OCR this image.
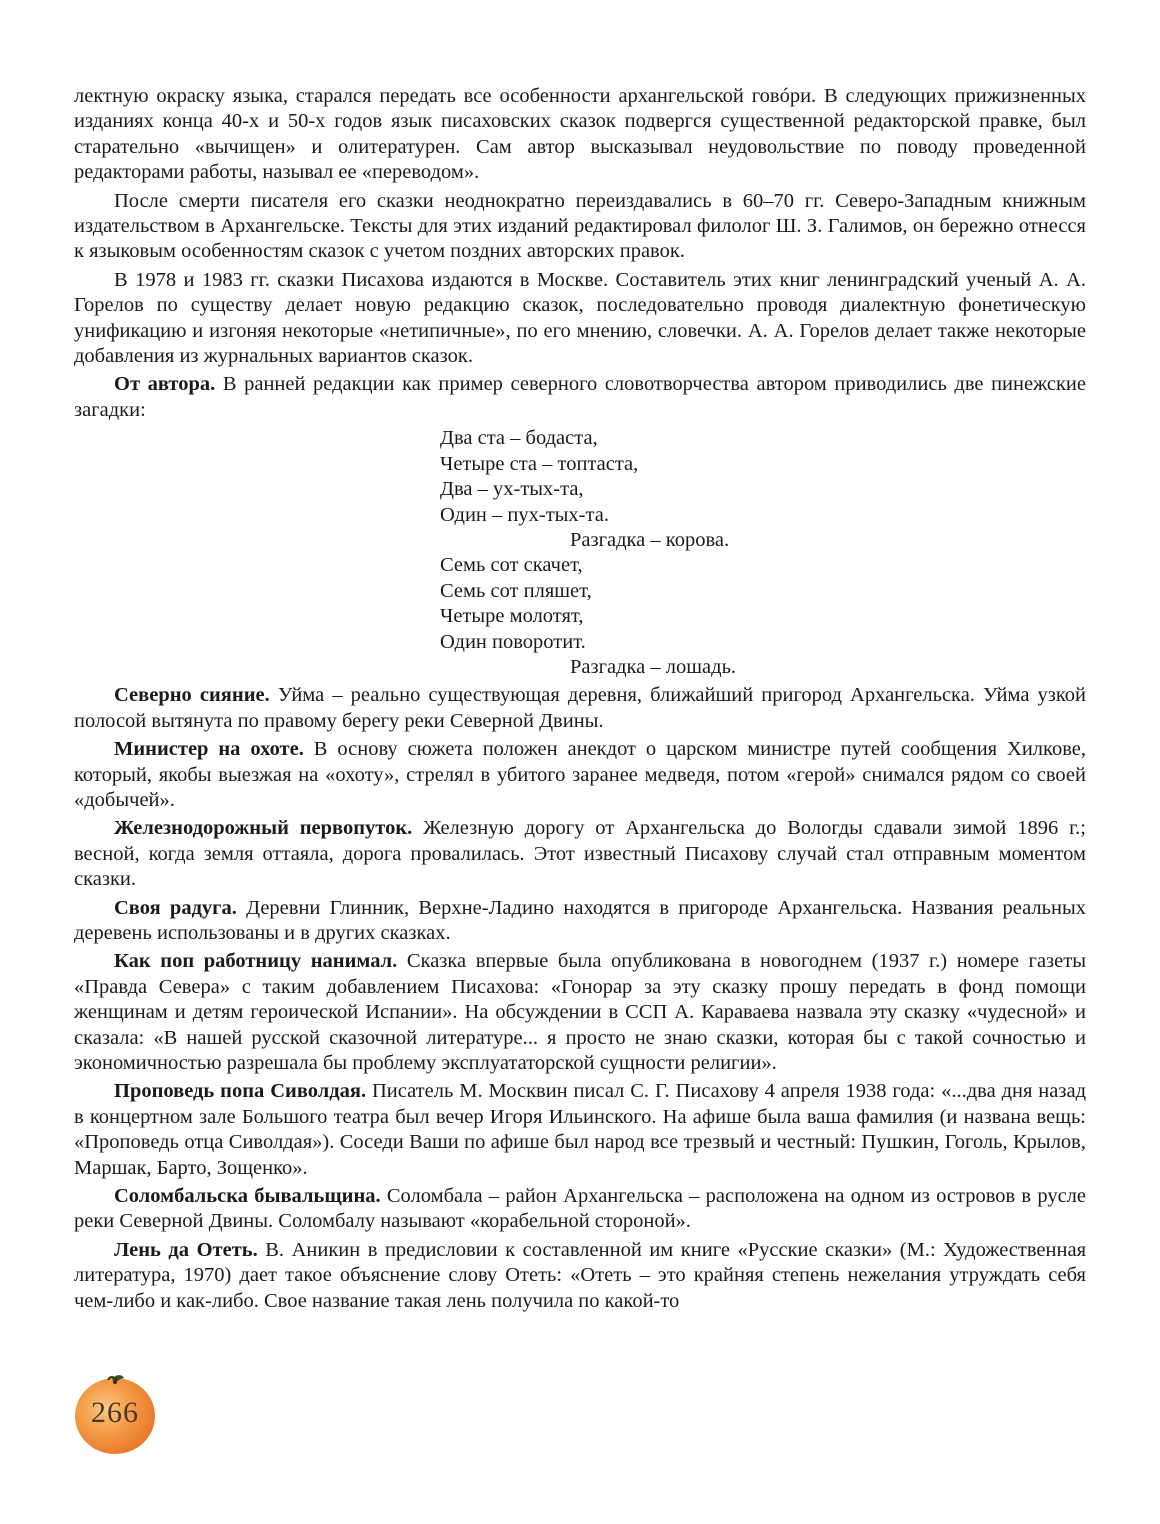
лектную окраску языка, старался передать все особенности архангельской говóри. В следующих прижизненных изданиях конца 40-х и 50-х годов язык писаховских сказок подвергся существенной редакторской правке, был старательно «вычищен» и олитературен. Сам автор высказывал неудовольствие по поводу проведенной редакторами работы, называл ее «переводом».

После смерти писателя его сказки неоднократно переиздавались в 60–70 гг. Северо-Западным книжным издательством в Архангельске. Тексты для этих изданий редактировал филолог Ш. З. Галимов, он бережно отнесся к языковым особенностям сказок с учетом поздних авторских правок.

В 1978 и 1983 гг. сказки Писахова издаются в Москве. Составитель этих книг ленинградский ученый А. А. Горелов по существу делает новую редакцию сказок, последовательно проводя диалектную фонетическую унификацию и изгоняя некоторые «нетипичные», по его мнению, словечки. А. А. Горелов делает также некоторые добавления из журнальных вариантов сказок.

От автора. В ранней редакции как пример северного словотворчества автором приводились две пинежские загадки:

Два ста – бодаста,
Четыре ста – топтаста,
Два – ух-тых-та,
Один – пух-тых-та.
Разгадка – корова.
Семь сот скачет,
Семь сот пляшет,
Четыре молотят,
Один поворотит.
Разгадка – лошадь.

Северно сияние. Уйма – реально существующая деревня, ближайший пригород Архангельска. Уйма узкой полосой вытянута по правому берегу реки Северной Двины.

Министер на охоте. В основу сюжета положен анекдот о царском министре путей сообщения Хилкове, который, якобы выезжая на «охоту», стрелял в убитого заранее медведя, потом «герой» снимался рядом со своей «добычей».

Железнодорожный первопуток. Железную дорогу от Архангельска до Вологды сдавали зимой 1896 г.; весной, когда земля оттаяла, дорога провалилась. Этот известный Писахову случай стал отправным моментом сказки.

Своя радуга. Деревни Глинник, Верхне-Ладино находятся в пригороде Архангельска. Названия реальных деревень использованы и в других сказках.

Как поп работницу нанимал. Сказка впервые была опубликована в новогоднем (1937 г.) номере газеты «Правда Севера» с таким добавлением Писахова: «Гонорар за эту сказку прошу передать в фонд помощи женщинам и детям героической Испании». На обсуждении в ССП А. Караваева назвала эту сказку «чудесной» и сказала: «В нашей русской сказочной литературе... я просто не знаю сказки, которая бы с такой сочностью и экономичностью разрешала бы проблему эксплуататорской сущности религии».

Проповедь попа Сиволдая. Писатель М. Москвин писал С. Г. Писахову 4 апреля 1938 года: «...два дня назад в концертном зале Большого театра был вечер Игоря Ильинского. На афише была ваша фамилия (и названа вещь: «Проповедь отца Сиволдая»). Соседи Ваши по афише был народ все трезвый и честный: Пушкин, Гоголь, Крылов, Маршак, Барто, Зощенко».

Соломбальска бывальщина. Соломбала – район Архангельска – расположена на одном из островов в русле реки Северной Двины. Соломбалу называют «корабельной стороной».

Лень да Отеть. В. Аникин в предисловии к составленной им книге «Русские сказки» (М.: Художественная литература, 1970) дает такое объяснение слову Отеть: «Отеть – это крайняя степень нежелания утруждать себя чем-либо и как-либо. Свое название такая лень получила по какой-то

266
